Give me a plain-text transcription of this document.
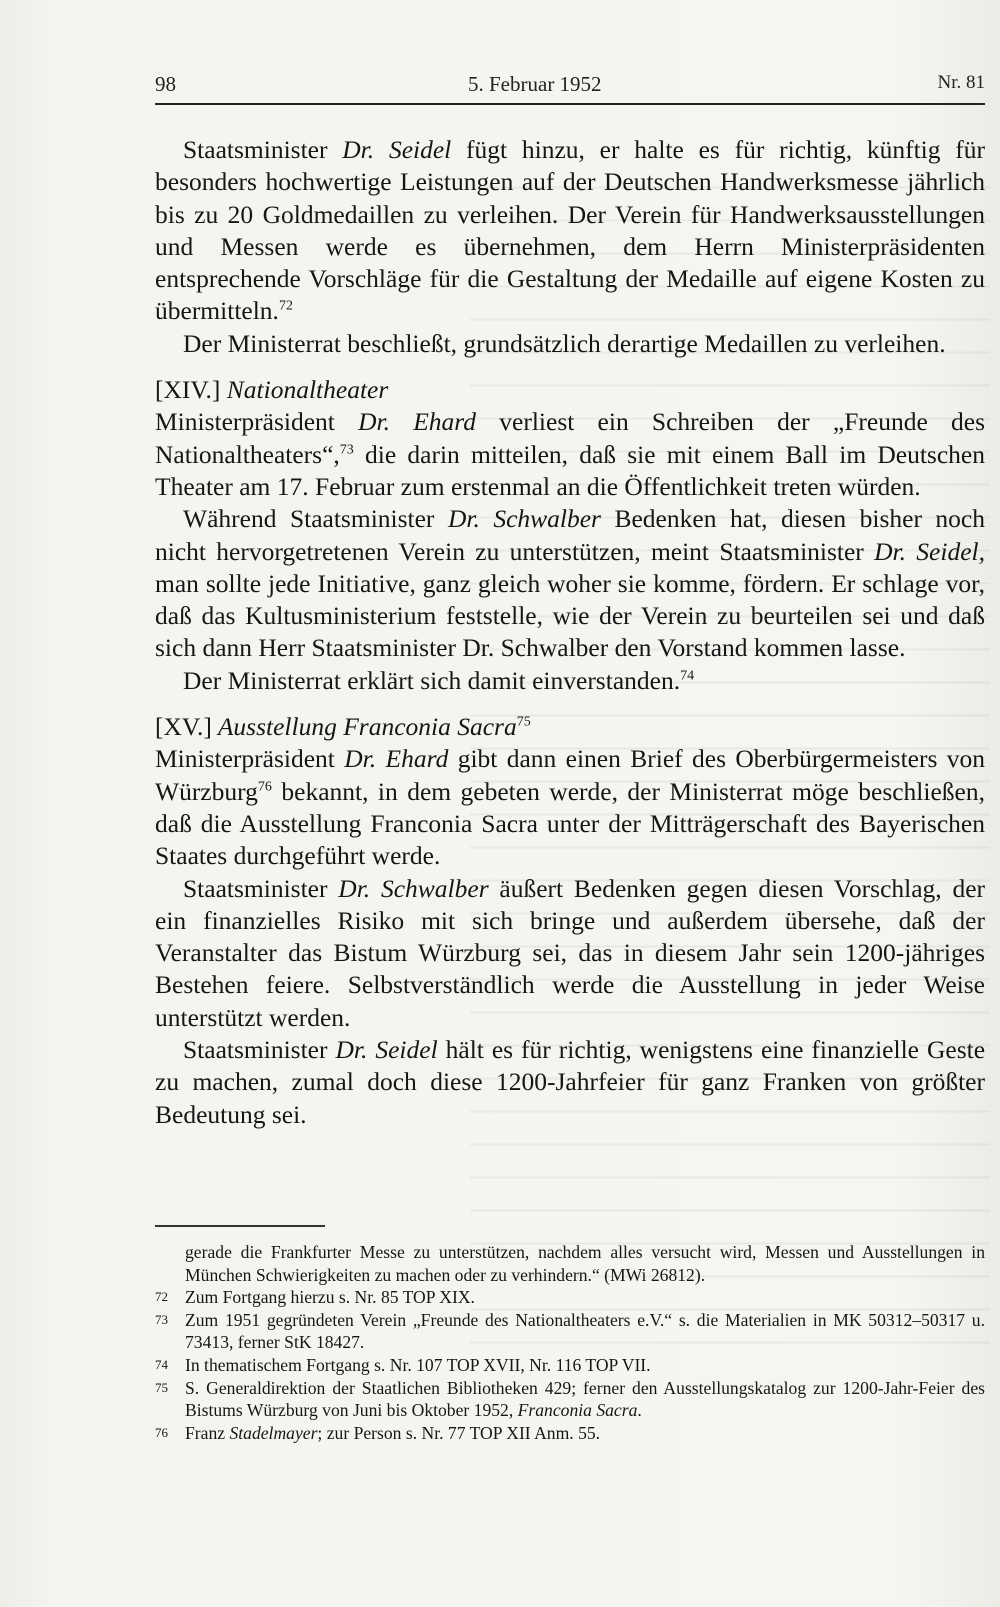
98	5. Februar 1952	Nr. 81

Staatsminister Dr. Seidel fügt hinzu, er halte es für richtig, künftig für besonders hochwertige Leistungen auf der Deutschen Handwerksmesse jährlich bis zu 20 Goldmedaillen zu verleihen. Der Verein für Handwerksausstellungen und Messen werde es übernehmen, dem Herrn Ministerpräsidenten entsprechende Vorschläge für die Gestaltung der Medaille auf eigene Kosten zu übermitteln.$^{72}$

Der Ministerrat beschließt, grundsätzlich derartige Medaillen zu verleihen.

[XIV.] Nationaltheater

Ministerpräsident Dr. Ehard verliest ein Schreiben der „Freunde des Nationaltheaters“,$^{73}$ die darin mitteilen, daß sie mit einem Ball im Deutschen Theater am 17. Februar zum erstenmal an die Öffentlichkeit treten würden.

Während Staatsminister Dr. Schwalber Bedenken hat, diesen bisher noch nicht hervorgetretenen Verein zu unterstützen, meint Staatsminister Dr. Seidel, man sollte jede Initiative, ganz gleich woher sie komme, fördern. Er schlage vor, daß das Kultusministerium feststelle, wie der Verein zu beurteilen sei und daß sich dann Herr Staatsminister Dr. Schwalber den Vorstand kommen lasse.

Der Ministerrat erklärt sich damit einverstanden.$^{74}$

[XV.] Ausstellung Franconia Sacra$^{75}$

Ministerpräsident Dr. Ehard gibt dann einen Brief des Oberbürgermeisters von Würzburg$^{76}$ bekannt, in dem gebeten werde, der Ministerrat möge beschließen, daß die Ausstellung Franconia Sacra unter der Mitträgerschaft des Bayerischen Staates durchgeführt werde.

Staatsminister Dr. Schwalber äußert Bedenken gegen diesen Vorschlag, der ein finanzielles Risiko mit sich bringe und außerdem übersehe, daß der Veranstalter das Bistum Würzburg sei, das in diesem Jahr sein 1200-jähriges Bestehen feiere. Selbstverständlich werde die Ausstellung in jeder Weise unterstützt werden.

Staatsminister Dr. Seidel hält es für richtig, wenigstens eine finanzielle Geste zu machen, zumal doch diese 1200-Jahrfeier für ganz Franken von größter Bedeutung sei.

gerade die Frankfurter Messe zu unterstützen, nachdem alles versucht wird, Messen und Ausstellungen in München Schwierigkeiten zu machen oder zu verhindern.“ (MWi 26812).
72 Zum Fortgang hierzu s. Nr. 85 TOP XIX.
73 Zum 1951 gegründeten Verein „Freunde des Nationaltheaters e.V.“ s. die Materialien in MK 50312–50317 u. 73413, ferner StK 18427.
74 In thematischem Fortgang s. Nr. 107 TOP XVII, Nr. 116 TOP VII.
75 S. Generaldirektion der Staatlichen Bibliotheken 429; ferner den Ausstellungskatalog zur 1200-Jahr-Feier des Bistums Würzburg von Juni bis Oktober 1952, Franconia Sacra.
76 Franz Stadelmayer; zur Person s. Nr. 77 TOP XII Anm. 55.
